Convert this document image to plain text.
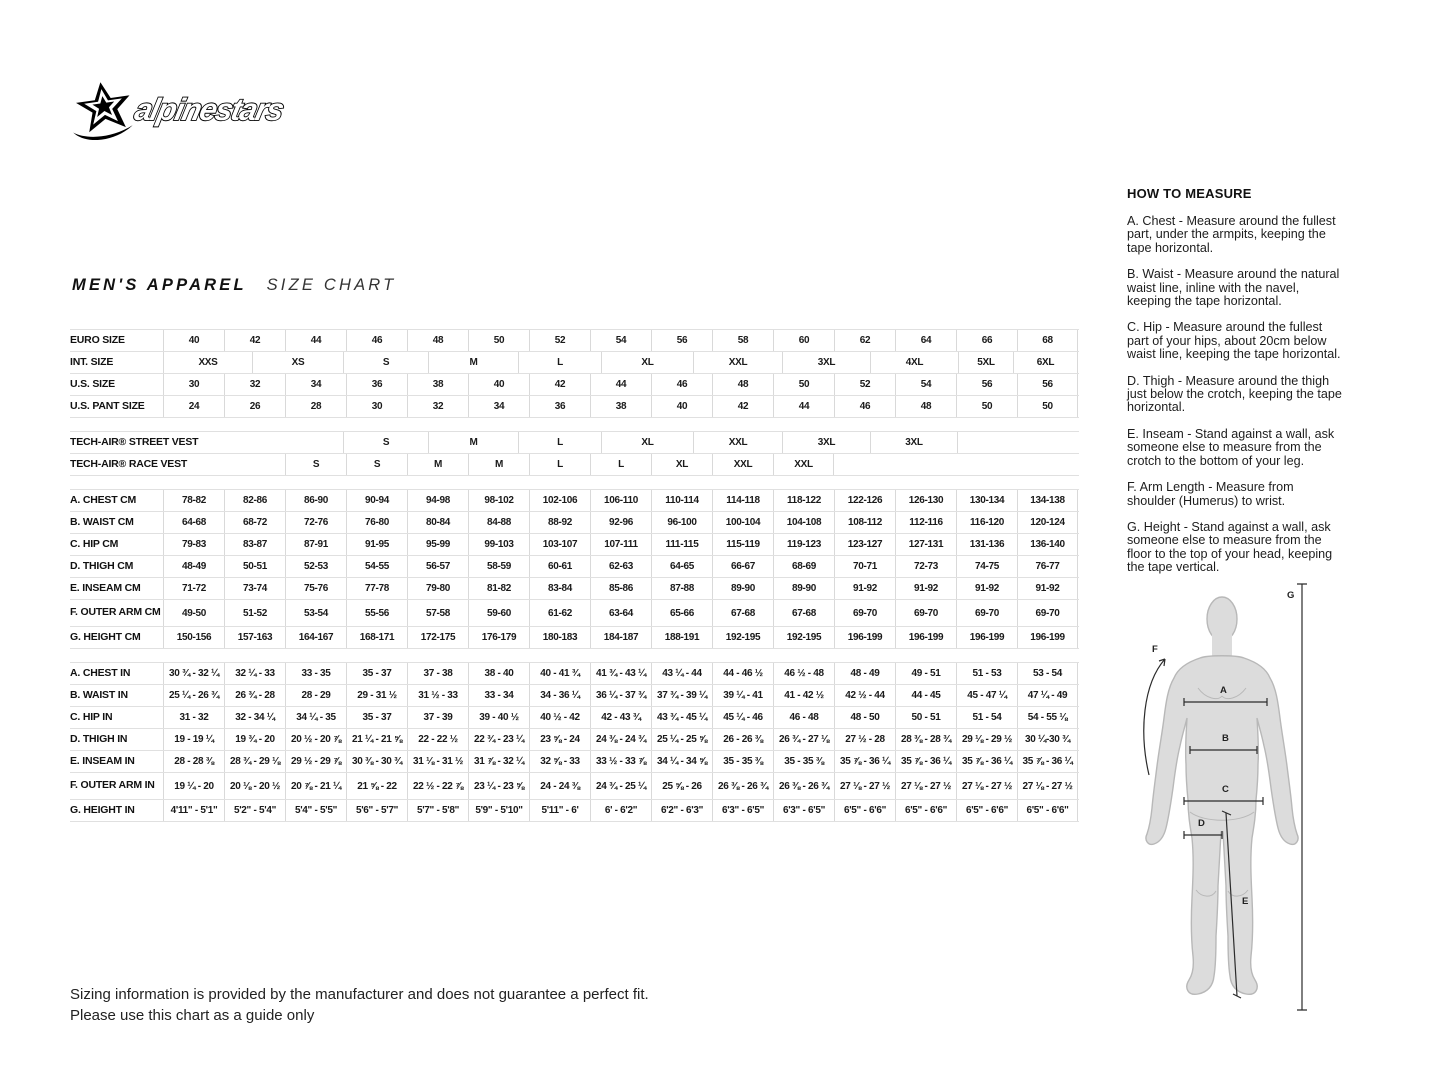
alpinestars
MEN'S APPAREL SIZE CHART
EURO SIZE	40	42	44	46	48	50	52	54	56	58	60	62	64	66	68
INT. SIZE	XXS	XS	S	M	L	XL	XXL	3XL	4XL	5XL	6XL
U.S. SIZE	30	32	34	36	38	40	42	44	46	48	50	52	54	56	56
U.S. PANT SIZE	24	26	28	30	32	34	36	38	40	42	44	46	48	50	50
TECH-AIR® STREET VEST	S	M	L	XL	XXL	3XL	3XL
TECH-AIR® RACE VEST	S	S	M	M	L	L	XL	XXL	XXL
A. CHEST CM	78-82	82-86	86-90	90-94	94-98	98-102	102-106	106-110	110-114	114-118	118-122	122-126	126-130	130-134	134-138
B. WAIST CM	64-68	68-72	72-76	76-80	80-84	84-88	88-92	92-96	96-100	100-104	104-108	108-112	112-116	116-120	120-124
C. HIP CM	79-83	83-87	87-91	91-95	95-99	99-103	103-107	107-111	111-115	115-119	119-123	123-127	127-131	131-136	136-140
D. THIGH CM	48-49	50-51	52-53	54-55	56-57	58-59	60-61	62-63	64-65	66-67	68-69	70-71	72-73	74-75	76-77
E. INSEAM CM	71-72	73-74	75-76	77-78	79-80	81-82	83-84	85-86	87-88	89-90	89-90	91-92	91-92	91-92	91-92
F. OUTER ARM CM	49-50	51-52	53-54	55-56	57-58	59-60	61-62	63-64	65-66	67-68	67-68	69-70	69-70	69-70	69-70
G. HEIGHT CM	150-156	157-163	164-167	168-171	172-175	176-179	180-183	184-187	188-191	192-195	192-195	196-199	196-199	196-199	196-199
A. CHEST IN	30 ¾ - 32 ¼	32 ¼ - 33	33 - 35	35 - 37	37 - 38	38 - 40	40 - 41 ¾	41 ¾ - 43 ¼	43 ¼ - 44	44 - 46 ½	46 ½ - 48	48 - 49	49 - 51	51 - 53	53 - 54
B. WAIST IN	25 ¼ - 26 ¾	26 ¾ - 28	28 - 29	29 - 31 ½	31 ½ - 33	33 - 34	34 - 36 ¼	36 ¼ - 37 ¾	37 ¾ - 39 ¼	39 ¼ - 41	41 - 42 ½	42 ½ - 44	44 - 45	45 - 47 ¼	47 ¼ - 49
C. HIP IN	31 - 32	32 - 34 ¼	34 ¼ - 35	35 - 37	37 - 39	39 - 40 ½	40 ½ - 42	42 - 43 ¾	43 ¾ - 45 ¼	45 ¼ - 46	46 - 48	48 - 50	50 - 51	51 - 54	54 - 55 ⅛
D. THIGH IN	19 - 19 ¼	19 ¾ - 20	20 ½ - 20 ⅞	21 ¼ - 21 ⅝	22 - 22 ½	22 ¾ - 23 ¼	23 ⅝ - 24	24 ⅜ - 24 ¾	25 ¼ - 25 ⅝	26 - 26 ⅜	26 ¾ - 27 ⅛	27 ½ - 28	28 ⅜ - 28 ¾	29 ⅛ - 29 ½	30 ¼-30 ¾
E. INSEAM IN	28 - 28 ⅜	28 ¾ - 29 ⅛	29 ½ - 29 ⅞	30 ⅜ - 30 ¾	31 ⅛ - 31 ½	31 ⅞ - 32 ¼	32 ⅝ - 33	33 ½ - 33 ⅞	34 ¼ - 34 ⅝	35 - 35 ⅜	35 - 35 ⅜	35 ⅞ - 36 ¼	35 ⅞ - 36 ¼	35 ⅞ - 36 ¼	35 ⅞ - 36 ¼
F. OUTER ARM IN	19 ¼ - 20	20 ⅛ - 20 ½	20 ⅞ - 21 ¼	21 ⅝ - 22	22 ½ - 22 ⅞	23 ¼ - 23 ⅝	24 - 24 ⅜	24 ¾ - 25 ¼	25 ⅝ - 26	26 ⅜ - 26 ¾	26 ⅜ - 26 ¾	27 ⅛ - 27 ½	27 ⅛ - 27 ½	27 ⅛ - 27 ½	27 ⅛ - 27 ½
G. HEIGHT IN	4'11" - 5'1"	5'2" - 5'4"	5'4" - 5'5"	5'6" - 5'7"	5'7" - 5'8"	5'9" - 5'10"	5'11" - 6'	6' - 6'2"	6'2" - 6'3"	6'3" - 6'5"	6'3" - 6'5"	6'5" - 6'6"	6'5" - 6'6"	6'5" - 6'6"	6'5" - 6'6"
HOW TO MEASURE

A. Chest - Measure around the fullest part, under the armpits, keeping the tape horizontal.

B. Waist - Measure around the natural waist line, inline with the navel, keeping the tape horizontal.

C. Hip - Measure around the fullest part of your hips, about 20cm below waist line, keeping the tape horizontal.

D. Thigh - Measure around the thigh just below the crotch, keeping the tape horizontal.

E. Inseam - Stand against a wall, ask someone else to measure from the crotch to the bottom of your leg.

F. Arm Length - Measure from shoulder (Humerus) to wrist.

G. Height - Stand against a wall, ask someone else to measure from the floor to the top of your head, keeping the tape vertical.

A
B
C
D
E
F
G
Sizing information is provided by the manufacturer and does not guarantee a perfect fit.
Please use this chart as a guide only
